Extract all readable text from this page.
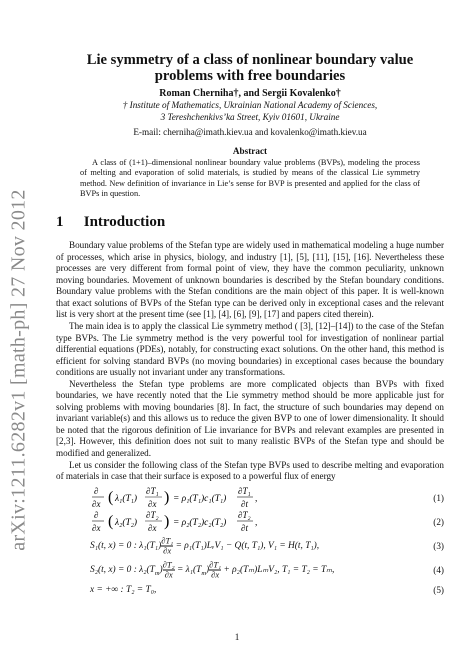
arXiv:1211.6282v1 [math-ph] 27 Nov 2012
Lie symmetry of a class of nonlinear boundary value
problems with free boundaries
Roman Cherniha†, and Sergii Kovalenko†
† Institute of Mathematics, Ukrainian National Academy of Sciences,
3 Tereshchenkivs’ka Street, Kyiv 01601, Ukraine
E-mail: cherniha@imath.kiev.ua and kovalenko@imath.kiev.ua
Abstract
A class of (1+1)–dimensional nonlinear boundary value problems (BVPs), modeling the process of melting and evaporation of solid materials, is studied by means of the classical Lie symmetry method. New definition of invariance in Lie’s sense for BVP is presented and applied for the class of BVPs in question.
1 Introduction

Boundary value problems of the Stefan type are widely used in mathematical modeling a huge number of processes, which arise in physics, biology, and industry [1], [5], [11], [15], [16]. Nevertheless these processes are very different from formal point of view, they have the common peculiarity, unknown moving boundaries. Movement of unknown boundaries is described by the Stefan boundary conditions. Boundary value problems with the Stefan conditions are the main object of this paper. It is well-known that exact solutions of BVPs of the Stefan type can be derived only in exceptional cases and the relevant list is very short at the present time (see [1], [4], [6], [9], [17] and papers cited therein).

The main idea is to apply the classical Lie symmetry method ( [3], [12]–[14]) to the case of the Stefan type BVPs. The Lie symmetry method is the very powerful tool for investigation of nonlinear partial differential equations (PDEs), notably, for constructing exact solutions. On the other hand, this method is efficient for solving standard BVPs (no moving boundaries) in exceptional cases because the boundary conditions are usually not invariant under any transformations.

Nevertheless the Stefan type problems are more complicated objects than BVPs with fixed boundaries, we have recently noted that the Lie symmetry method should be more applicable just for solving problems with moving boundaries [8]. In fact, the structure of such boundaries may depend on invariant variable(s) and this allows us to reduce the given BVP to one of lower dimensionality. It should be noted that the rigorous definition of Lie invariance for BVPs and relevant examples are presented in [2,3]. However, this definition does not suit to many realistic BVPs of the Stefan type and should be modified and generalized.

Let us consider the following class of the Stefan type BVPs used to describe melting and evaporation of materials in case that their surface is exposed to a powerful flux of energy

∂
∂x ( λ₁(T₁)
∂T₁
∂x ) = ρ₁(T₁)c₁(T₁)
∂T₁
∂t ,	(1)
∂
∂x ( λ₂(T₂)
∂T₂
∂x ) = ρ₂(T₂)c₂(T₂)
∂T₂
∂t ,	(2)
S₁(t, x) = 0 : $\lambda_1(T_1) \frac{\text{∂T₁}}{\partial x}$ = ρ₁(T₁)LᵥV₁ − Q(t, T₁), V₁ = H(t, T₁),	(3)
S₂(t, x) = 0 : $\lambda_2(T_m) \frac{\text{∂T₂}}{\partial x} = \lambda_1(T_m) \frac{\text{∂T₁}}{\partial x} + \rho_2(T_m)L_mV_2$, T₁ = T₂ = Tₘ,	(4)
x = +∞ : T₂ = T₀,	(5)
1
